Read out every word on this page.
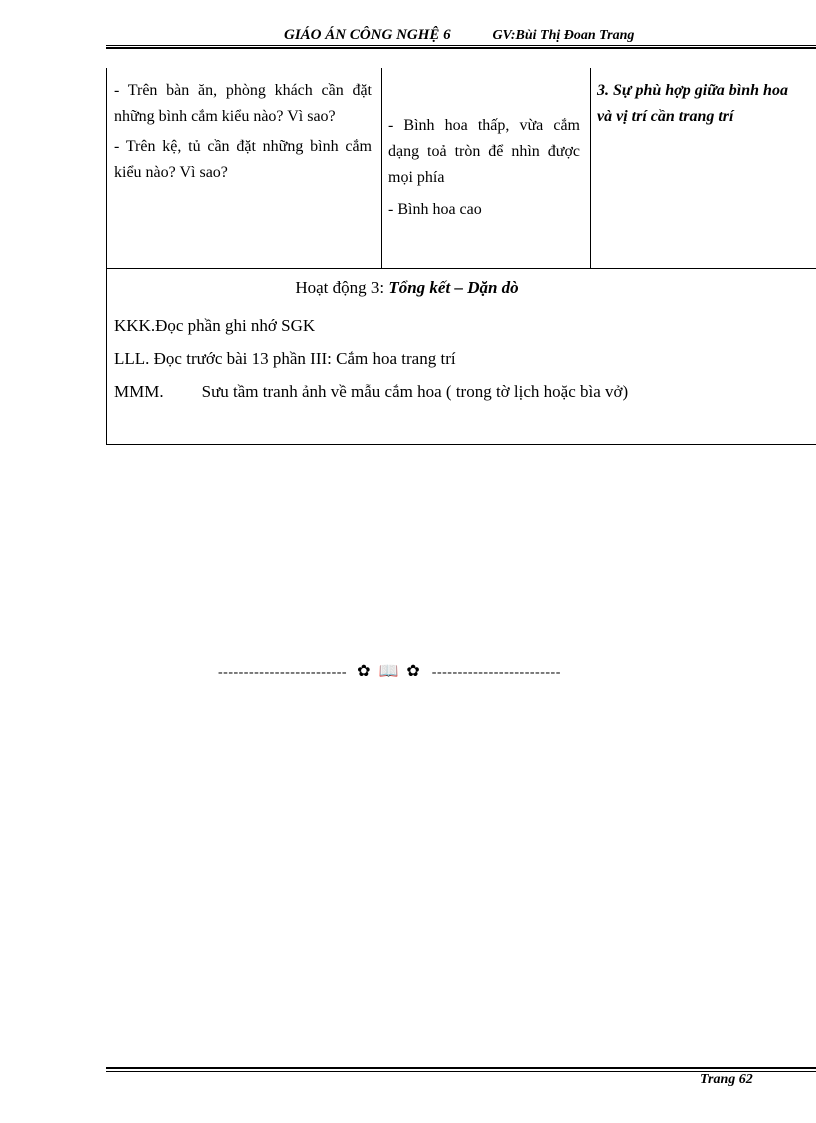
GIÁO ÁN CÔNG NGHỆ 6	GV:Bùi Thị Đoan Trang

- Trên bàn ăn, phòng khách cần đặt những bình cắm kiểu nào? Vì sao?

- Trên kệ, tủ cần đặt những bình cắm kiểu nào? Vì sao?

- Bình hoa thấp, vừa cắm dạng toả tròn để nhìn được mọi phía

- Bình hoa cao

3. Sự phù hợp giữa bình hoa

và vị trí cần trang trí

Hoạt động 3: Tổng kết – Dặn dò
KKK.Đọc phần ghi nhớ SGK
LLL. Đọc trước bài 13 phần III: Cắm hoa trang trí
MMM. Sưu tầm tranh ảnh về mẫu cắm hoa ( trong tờ lịch hoặc bìa vở)
------------------------- ✿ 📖 ✿ -------------------------
Trang 62
